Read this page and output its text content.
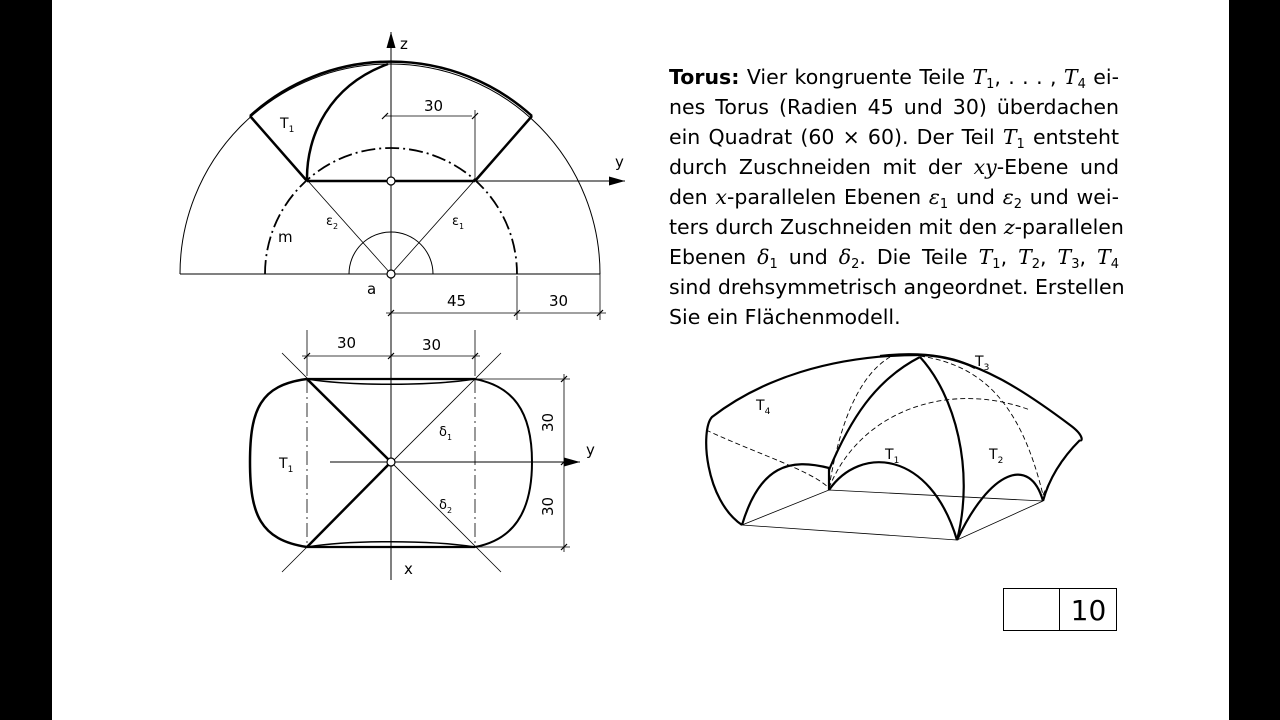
z
y
$T_1$
$\varepsilon_2$	$\varepsilon_1$
m
a
30
45	30
y
x
$T_1$
$\delta_1$
$\delta_2$
30	30
30
30
$T_1$	$T_2$
$T_3$
$T_4$
Torus: Vier kongruente Teile $T_1$, . . . , $T_4$ ei-
nes Torus (Radien 45 und 30) überdachen
ein Quadrat (60 × 60). Der Teil $T_1$ entsteht
durch Zuschneiden mit der xy-Ebene und
den x-parallelen Ebenen $\varepsilon_1$ und $\varepsilon_2$ und wei-
ters durch Zuschneiden mit den z-parallelen
Ebenen $\delta_1$ und $\delta_2$. Die Teile $T_1$, $T_2$, $T_3$, $T_4$
sind drehsymmetrisch angeordnet. Erstellen
Sie ein Flächenmodell.
10
